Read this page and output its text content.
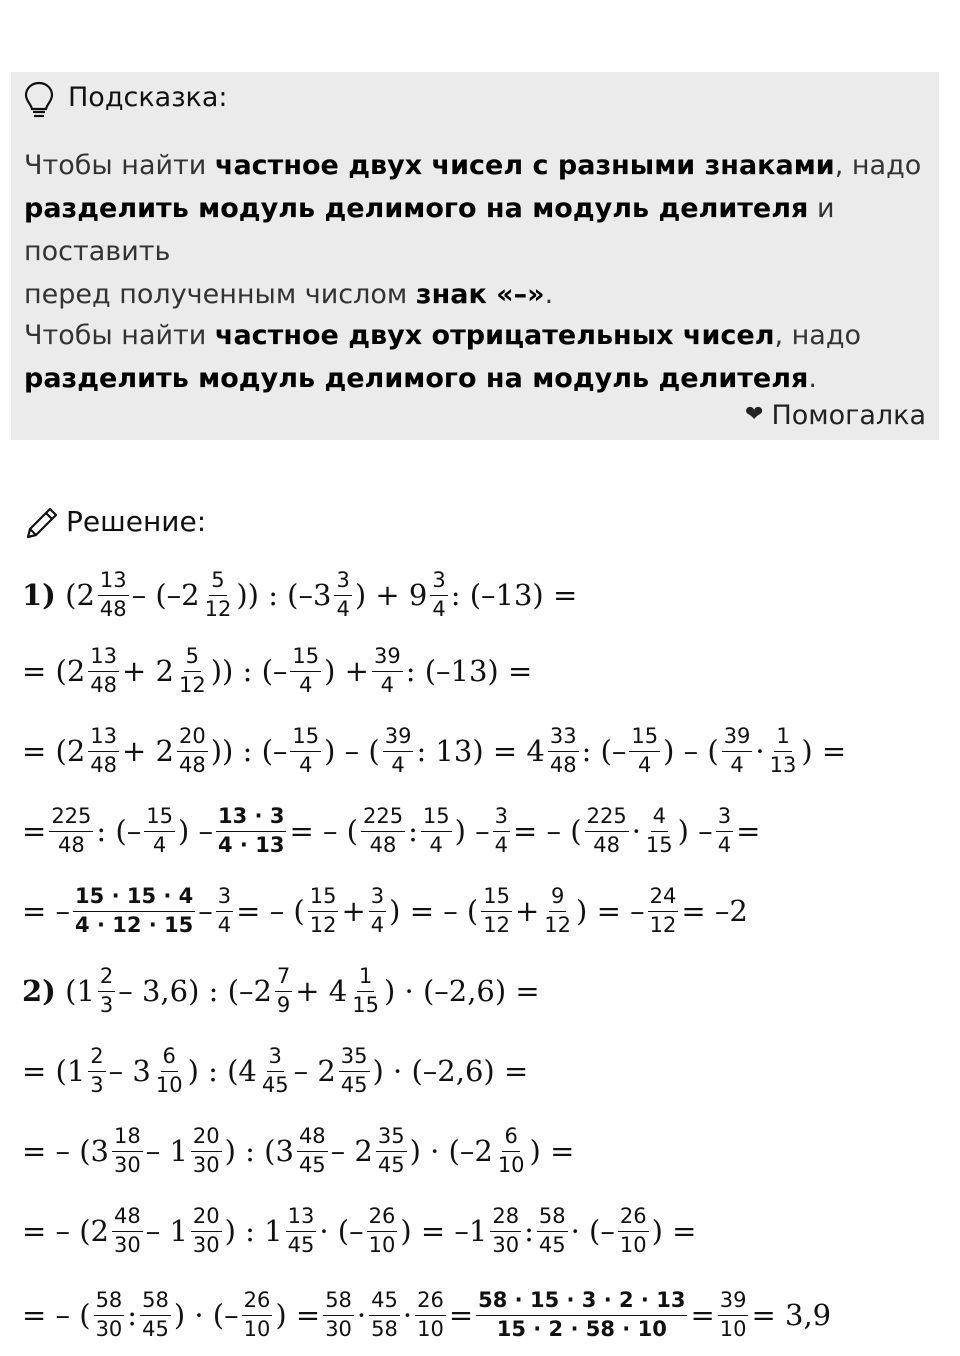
Подсказка:
Чтобы найти частное двух чисел с разными знаками, надо
разделить модуль делимого на модуль делителя и поставить
перед полученным числом знак «–».
Чтобы найти частное двух отрицательных чисел, надо
разделить модуль делимого на модуль делителя.
❤ Помогалка
Решение:
1) ($2 \frac{13}{48} - (-2 \frac{5}{12}$ )) : ($-3 \frac{3}{4}$ ) + $9 \frac{3}{4}$ : (–13) =
= ($2 \frac{13}{48} + 2 \frac{5}{12}$ )) : (– $\frac{15}{4}$ ) + $\frac{39}{4}$ : (–13) =
= ($2 \frac{13}{48} + 2 \frac{20}{48}$ )) : (– $\frac{15}{4}$ ) – ( $\frac{39}{4}$ : $13) = 4 \frac{33}{48}$ : (– $\frac{15}{4}$ ) – ( $\frac{39}{4} \cdot \frac{1}{13}$ ) =
= $\frac{225}{48}$ : (– $\frac{15}{4}$ ) – $\frac{13 \cdot 3}{4 \cdot 13}$ = – ( $\frac{225}{48}$ : $\frac{15}{4}$ ) – $\frac{3}{4}$ = – ( $\frac{225}{48} \cdot \frac{4}{15}$ ) – $\frac{3}{4}$ =
= – $\frac{15 \cdot 15 \cdot 4}{4 \cdot 12 \cdot 15} - \frac{3}{4}$ = – ( $\frac{15}{12} + \frac{3}{4}$ ) = – ( $\frac{15}{12} + \frac{9}{12}$ ) = – $\frac{24}{12} = -2$
2) $(1 \frac{2}{3} - 3,6)$ : ($-2 \frac{7}{9} + 4 \frac{1}{15}$ ) · (–2,6) =
= ($1 \frac{2}{3} - 3 \frac{6}{10}$ ) : ($4 \frac{3}{45} - 2 \frac{35}{45}$ ) · (–2,6) =
= – ($3 \frac{18}{30} - 1 \frac{20}{30}$ ) : ($3 \frac{48}{45} - 2 \frac{35}{45}$ ) · ($-2 \frac{6}{10}$ ) =
= – ($2 \frac{48}{30} - 1 \frac{20}{30}$ ) : $1 \frac{13}{45}$ · (– $\frac{26}{10}$ ) = $-1 \frac{28}{30}$ : $\frac{58}{45}$ · (– $\frac{26}{10}$ ) =
= – ( $\frac{58}{30}$ : $\frac{58}{45}$ ) · (– $\frac{26}{10}$ ) = $\frac{58}{30} \cdot \frac{45}{58} \cdot \frac{26}{10} = \frac{58 \cdot 15 \cdot 3 \cdot 2 \cdot 13}{15 \cdot 2 \cdot 58 \cdot 10} = \frac{39}{10} = 3,9$
